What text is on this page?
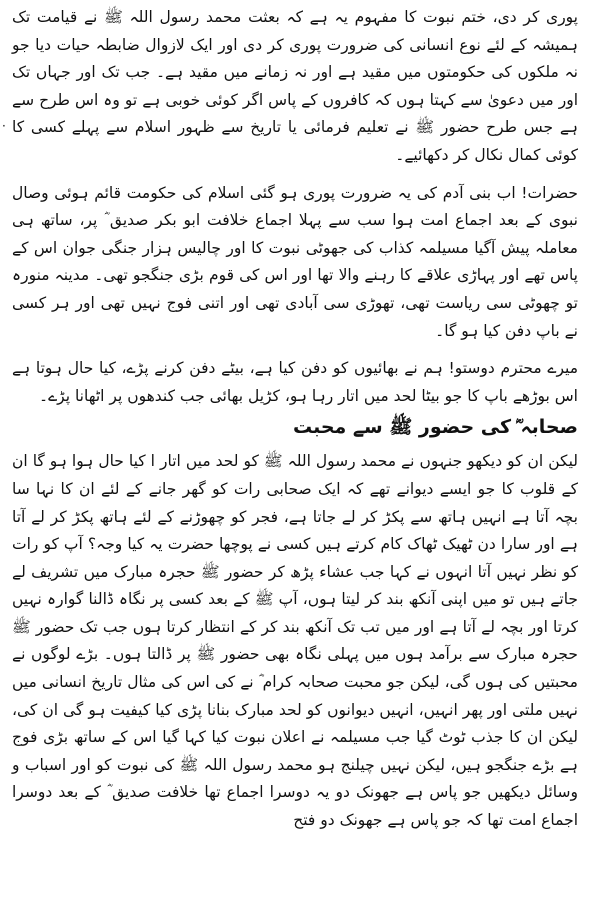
·

پوری کر دی، ختم نبوت کا مفہوم یہ ہے کہ بعثت محمد رسول اللہ ﷺ نے قیامت تک ہمیشہ کے لئے نوع انسانی کی ضرورت پوری کر دی اور ایک لازوال ضابطہ حیات دیا جو نہ ملکوں کی حکومتوں میں مقید ہے اور نہ زمانے میں مقید ہے۔ جب تک اور جہاں تک اور میں دعویٰ سے کہتا ہوں کہ کافروں کے پاس اگر کوئی خوبی ہے تو وہ اس طرح سے ہے جس طرح حضور ﷺ نے تعلیم فرمائی یا تاریخ سے ظہور اسلام سے پہلے کسی کا کوئی کمال نکال کر دکھائیے۔

حضرات! اب بنی آدم کی یہ ضرورت پوری ہو گئی اسلام کی حکومت قائم ہوئی وصال نبوی کے بعد اجماع امت ہوا سب سے پہلا اجماع خلافت ابو بکر صدیق ؓ پر، ساتھ ہی معاملہ پیش آگیا مسیلمہ کذاب کی جھوٹی نبوت کا اور چالیس ہزار جنگی جوان اس کے پاس تھے اور پہاڑی علاقے کا رہنے والا تھا اور اس کی قوم بڑی جنگجو تھی۔ مدینہ منورہ تو چھوٹی سی ریاست تھی، تھوڑی سی آبادی تھی اور اتنی فوج نہیں تھی اور ہر کسی نے باپ دفن کیا ہو گا۔

میرے محترم دوستو! ہم نے بھائیوں کو دفن کیا ہے، بیٹے دفن کرنے پڑے، کیا حال ہوتا ہے اس بوڑھے باپ کا جو بیٹا لحد میں اتار رہا ہو، کڑیل بھائی جب کندھوں پر اٹھانا پڑے۔

صحابہ ؓ کی حضور ﷺ سے محبت

لیکن ان کو دیکھو جنہوں نے محمد رسول اللہ ﷺ کو لحد میں اتار ا کیا حال ہوا ہو گا ان کے قلوب کا جو ایسے دیوانے تھے کہ ایک صحابی رات کو گھر جانے کے لئے ان کا نہا سا بچہ آتا ہے انہیں ہاتھ سے پکڑ کر لے جاتا ہے، فجر کو چھوڑنے کے لئے ہاتھ پکڑ کر لے آتا ہے اور سارا دن ٹھیک ٹھاک کام کرتے ہیں کسی نے پوچھا حضرت یہ کیا وجہ؟ آپ کو رات کو نظر نہیں آتا انہوں نے کہا جب عشاء پڑھ کر حضور ﷺ حجرہ مبارک میں تشریف لے جاتے ہیں تو میں اپنی آنکھ بند کر لیتا ہوں، آپ ﷺ کے بعد کسی پر نگاہ ڈالنا گوارہ نہیں کرتا اور بچہ لے آتا ہے اور میں تب تک آنکھ بند کر کے انتظار کرتا ہوں جب تک حضور ﷺ حجرہ مبارک سے برآمد ہوں میں پہلی نگاہ بھی حضور ﷺ پر ڈالتا ہوں۔ بڑے لوگوں نے محبتیں کی ہوں گی، لیکن جو محبت صحابہ کرام ؓ نے کی اس کی مثال تاریخ انسانی میں نہیں ملتی اور پھر انہیں، انہیں دیوانوں کو لحد مبارک بنانا پڑی کیا کیفیت ہو گی ان کی، لیکن ان کا جذب ٹوٹ گیا جب مسیلمہ نے اعلان نبوت کیا کہا گیا اس کے ساتھ بڑی فوج ہے بڑے جنگجو ہیں، لیکن نہیں چیلنج ہو محمد رسول اللہ ﷺ کی نبوت کو اور اسباب و وسائل دیکھیں جو پاس ہے جھونک دو یہ دوسرا اجماع تھا خلافت صدیق ؓ کے بعد دوسرا اجماع امت تھا کہ جو پاس ہے جھونک دو فتح
